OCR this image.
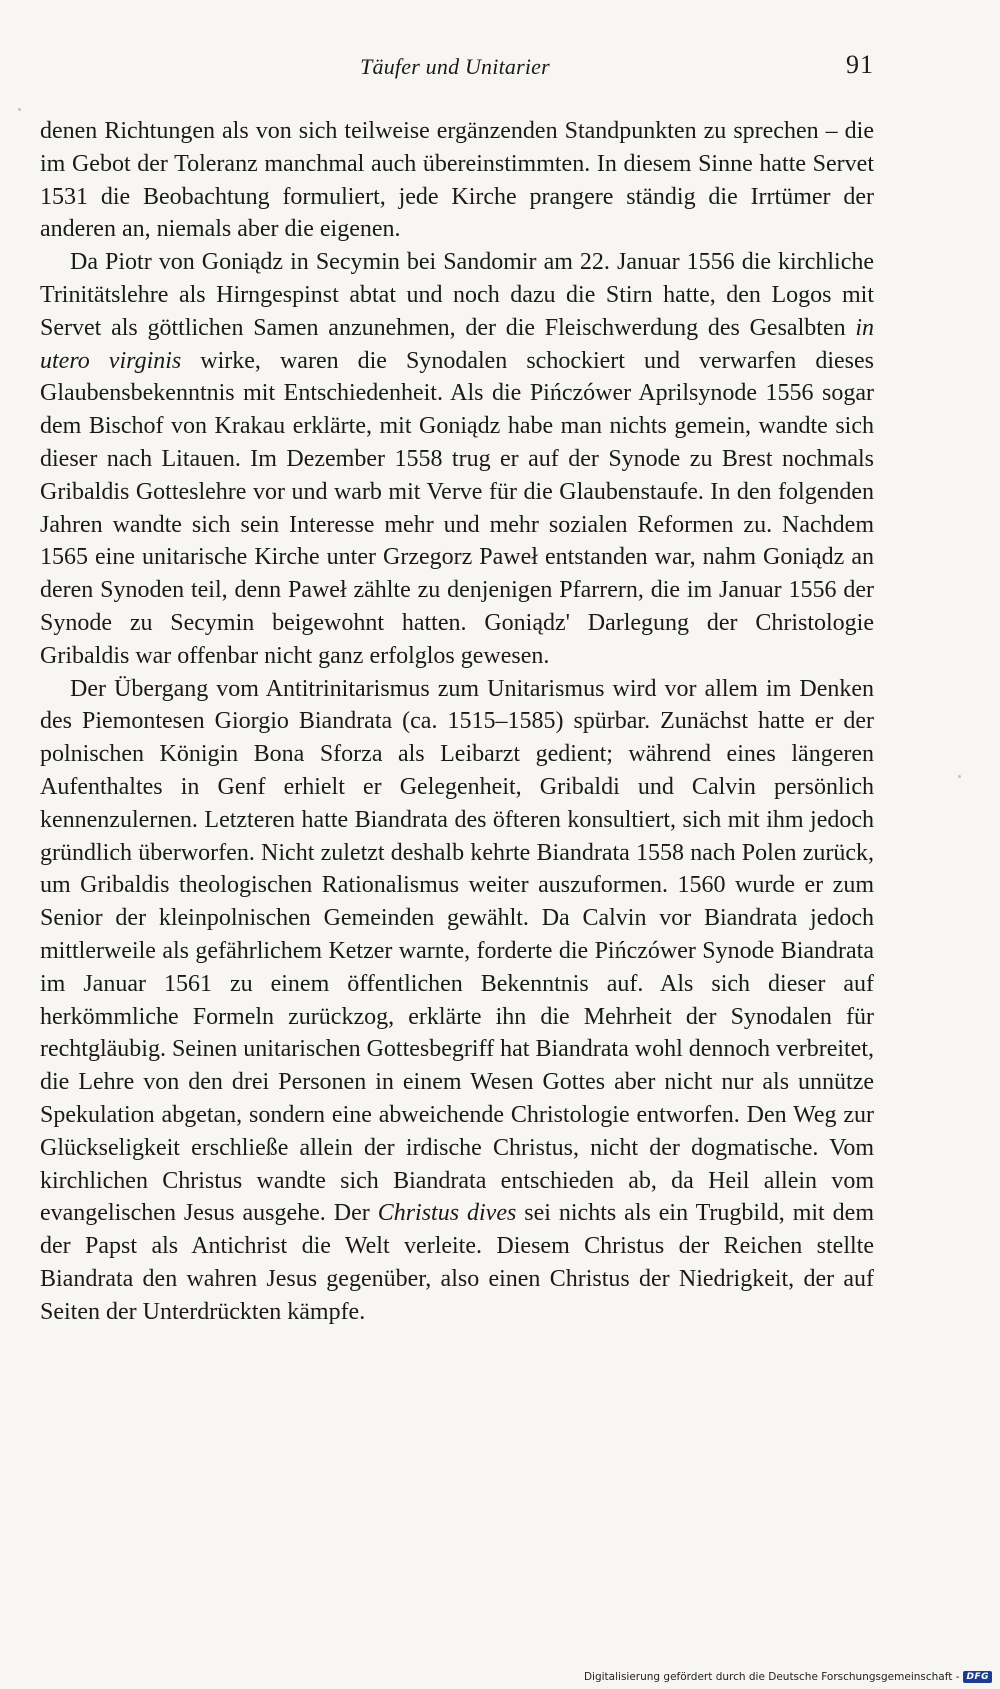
Täufer und Unitarier	91

denen Richtungen als von sich teilweise ergänzenden Standpunkten zu sprechen – die im Gebot der Toleranz manchmal auch übereinstimmten. In diesem Sinne hatte Servet 1531 die Beobachtung formuliert, jede Kirche prangere ständig die Irrtümer der anderen an, niemals aber die eigenen.

Da Piotr von Goniądz in Secymin bei Sandomir am 22. Januar 1556 die kirchliche Trinitätslehre als Hirngespinst abtat und noch dazu die Stirn hatte, den Logos mit Servet als göttlichen Samen anzunehmen, der die Fleischwerdung des Gesalbten in utero virginis wirke, waren die Synodalen schockiert und verwarfen dieses Glaubensbekenntnis mit Entschiedenheit. Als die Pińczówer Aprilsynode 1556 sogar dem Bischof von Krakau erklärte, mit Goniądz habe man nichts gemein, wandte sich dieser nach Litauen. Im Dezember 1558 trug er auf der Synode zu Brest nochmals Gribaldis Gotteslehre vor und warb mit Verve für die Glaubenstaufe. In den folgenden Jahren wandte sich sein Interesse mehr und mehr sozialen Reformen zu. Nachdem 1565 eine unitarische Kirche unter Grzegorz Paweł entstanden war, nahm Goniądz an deren Synoden teil, denn Paweł zählte zu denjenigen Pfarrern, die im Januar 1556 der Synode zu Secymin beigewohnt hatten. Goniądz' Darlegung der Christologie Gribaldis war offenbar nicht ganz erfolglos gewesen.

Der Übergang vom Antitrinitarismus zum Unitarismus wird vor allem im Denken des Piemontesen Giorgio Biandrata (ca. 1515–1585) spürbar. Zunächst hatte er der polnischen Königin Bona Sforza als Leibarzt gedient; während eines längeren Aufenthaltes in Genf erhielt er Gelegenheit, Gribaldi und Calvin persönlich kennenzulernen. Letzteren hatte Biandrata des öfteren konsultiert, sich mit ihm jedoch gründlich überworfen. Nicht zuletzt deshalb kehrte Biandrata 1558 nach Polen zurück, um Gribaldis theologischen Rationalismus weiter auszuformen. 1560 wurde er zum Senior der kleinpolnischen Gemeinden gewählt. Da Calvin vor Biandrata jedoch mittlerweile als gefährlichem Ketzer warnte, forderte die Pińczówer Synode Biandrata im Januar 1561 zu einem öffentlichen Bekenntnis auf. Als sich dieser auf herkömmliche Formeln zurückzog, erklärte ihn die Mehrheit der Synodalen für rechtgläubig. Seinen unitarischen Gottesbegriff hat Biandrata wohl dennoch verbreitet, die Lehre von den drei Personen in einem Wesen Gottes aber nicht nur als unnütze Spekulation abgetan, sondern eine abweichende Christologie entworfen. Den Weg zur Glückseligkeit erschließe allein der irdische Christus, nicht der dogmatische. Vom kirchlichen Christus wandte sich Biandrata entschieden ab, da Heil allein vom evangelischen Jesus ausgehe. Der Christus dives sei nichts als ein Trugbild, mit dem der Papst als Antichrist die Welt verleite. Diesem Christus der Reichen stellte Biandrata den wahren Jesus gegenüber, also einen Christus der Niedrigkeit, der auf Seiten der Unterdrückten kämpfe.

Digitalisierung gefördert durch die Deutsche Forschungsgemeinschaft - DFG
